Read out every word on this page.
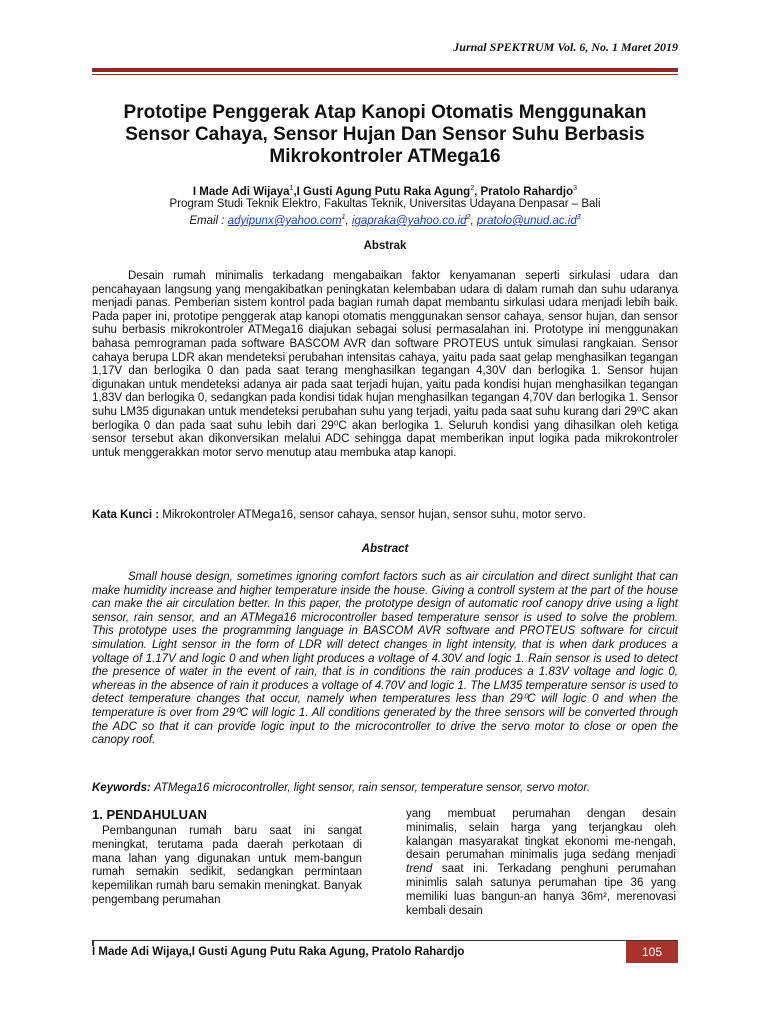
Jurnal SPEKTRUM Vol. 6, No. 1 Maret 2019
Prototipe Penggerak Atap Kanopi Otomatis Menggunakan Sensor Cahaya, Sensor Hujan Dan Sensor Suhu Berbasis Mikrokontroler ATMega16
I Made Adi Wijaya$^1$,I Gusti Agung Putu Raka Agung$^2$, Pratolo Rahardjo$^3$
Program Studi Teknik Elektro, Fakultas Teknik, Universitas Udayana Denpasar – Bali
Email : adyipunx@yahoo.com$^1$, $igapraka@yahoo.co.id^2$, $pratolo@unud.ac.id^3$
Abstrak

Desain rumah minimalis terkadang mengabaikan faktor kenyamanan seperti sirkulasi udara dan pencahayaan langsung yang mengakibatkan peningkatan kelembaban udara di dalam rumah dan suhu udaranya menjadi panas. Pemberian sistem kontrol pada bagian rumah dapat membantu sirkulasi udara menjadi lebih baik. Pada paper ini, prototipe penggerak atap kanopi otomatis menggunakan sensor cahaya, sensor hujan, dan sensor suhu berbasis mikrokontroler ATMega16 diajukan sebagai solusi permasalahan ini. Prototype ini menggunakan bahasa pemrograman pada software BASCOM AVR dan software PROTEUS untuk simulasi rangkaian. Sensor cahaya berupa LDR akan mendeteksi perubahan intensitas cahaya, yaitu pada saat gelap menghasilkan tegangan 1,17V dan berlogika 0 dan pada saat terang menghasilkan tegangan 4,30V dan berlogika 1. Sensor hujan digunakan untuk mendeteksi adanya air pada saat terjadi hujan, yaitu pada kondisi hujan menghasilkan tegangan 1,83V dan berlogika 0, sedangkan pada kondisi tidak hujan menghasilkan tegangan 4,70V dan berlogika 1. Sensor suhu LM35 digunakan untuk mendeteksi perubahan suhu yang terjadi, yaitu pada saat suhu kurang dari 29⁰C akan berlogika 0 dan pada saat suhu lebih dari 29⁰C akan berlogika 1. Seluruh kondisi yang dihasilkan oleh ketiga sensor tersebut akan dikonversikan melalui ADC sehingga dapat memberikan input logika pada mikrokontroler untuk menggerakkan motor servo menutup atau membuka atap kanopi.

Kata Kunci : Mikrokontroler ATMega16, sensor cahaya, sensor hujan, sensor suhu, motor servo.
Abstract

Small house design, sometimes ignoring comfort factors such as air circulation and direct sunlight that can make humidity increase and higher temperature inside the house. Giving a controll system at the part of the house can make the air circulation better. In this paper, the prototype design of automatic roof canopy drive using a light sensor, rain sensor, and an ATMega16 microcontroller based temperature sensor is used to solve the problem. This prototype uses the programming language in BASCOM AVR software and PROTEUS software for circuit simulation. Light sensor in the form of LDR will detect changes in light intensity, that is when dark produces a voltage of 1.17V and logic 0 and when light produces a voltage of 4.30V and logic 1. Rain sensor is used to detect the presence of water in the event of rain, that is in conditions the rain produces a 1.83V voltage and logic 0, whereas in the absence of rain it produces a voltage of 4.70V and logic 1. The LM35 temperature sensor is used to detect temperature changes that occur, namely when temperatures less than 29⁰C will logic 0 and when the temperature is over from 29⁰C will logic 1. All conditions generated by the three sensors will be converted through the ADC so that it can provide logic input to the microcontroller to drive the servo motor to close or open the canopy roof.

Keywords: ATMega16 microcontroller, light sensor, rain sensor, temperature sensor, servo motor.
1. PENDAHULUAN

Pembangunan rumah baru saat ini sangat meningkat, terutama pada daerah perkotaan di mana lahan yang digunakan untuk mem-bangun rumah semakin sedikit, sedangkan permintaan kepemilikan rumah baru semakin meningkat. Banyak pengembang perumahan

yang membuat perumahan dengan desain minimalis, selain harga yang terjangkau oleh kalangan masyarakat tingkat ekonomi me-nengah, desain perumahan minimalis juga sedang menjadi trend saat ini. Terkadang penghuni perumahan minimlis salah satunya perumahan tipe 36 yang memiliki luas bangun-an hanya 36m², merenovasi kembali desain

I Made Adi Wijaya,I Gusti Agung Putu Raka Agung, Pratolo Rahardjo	105
